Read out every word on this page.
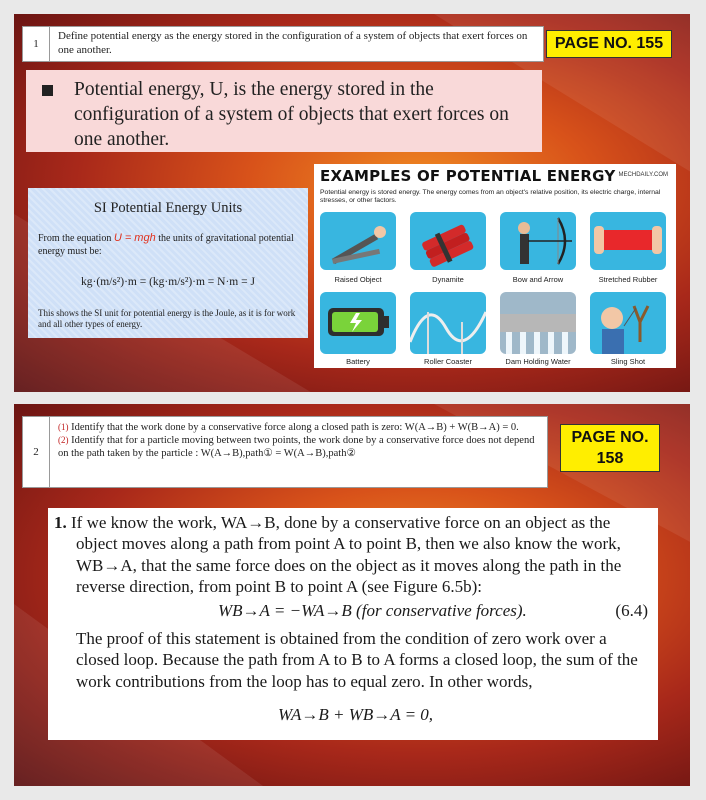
1
Define potential energy as the energy stored in the configuration of a system of objects that exert forces on one another.	PAGE NO. 155
Potential energy, U, is the energy stored in the configuration of a system of objects that exert forces on one another.
SI Potential Energy Units
From the equation U = mgh the units of gravitational potential energy must be:
kg·(m/s²)·m = (kg·m/s²)·m = N·m = J
This shows the SI unit for potential energy is the Joule, as it is for work and all other types of energy.
EXAMPLES OF POTENTIAL ENERGY MECHDAILY.COM
Potential energy is stored energy. The energy comes from an object's relative position, its electric charge, internal stresses, or other factors.
Raised Object	Dynamite	Bow and Arrow	Stretched Rubber
Battery	Roller Coaster	Dam Holding Water	Sling Shot
2
(1) Identify that the work done by a conservative force along a closed path is zero: W(A→B) + W(B→A) = 0.
(2) Identify that for a particle moving between two points, the work done by a conservative force does not depend on the path taken by the particle : W(A→B),path① = W(A→B),path②
PAGE NO. 158
1. If we know the work, WA→B, done by a conservative force on an object as the object moves along a path from point A to point B, then we also know the work, WB→A, that the same force does on the object as it moves along the path in the reverse direction, from point B to point A (see Figure 6.5b):
WB→A = −WA→B (for conservative forces).	(6.4)
The proof of this statement is obtained from the condition of zero work over a closed loop. Because the path from A to B to A forms a closed loop, the sum of the work contributions from the loop has to equal zero. In other words,
WA→B + WB→A = 0,
